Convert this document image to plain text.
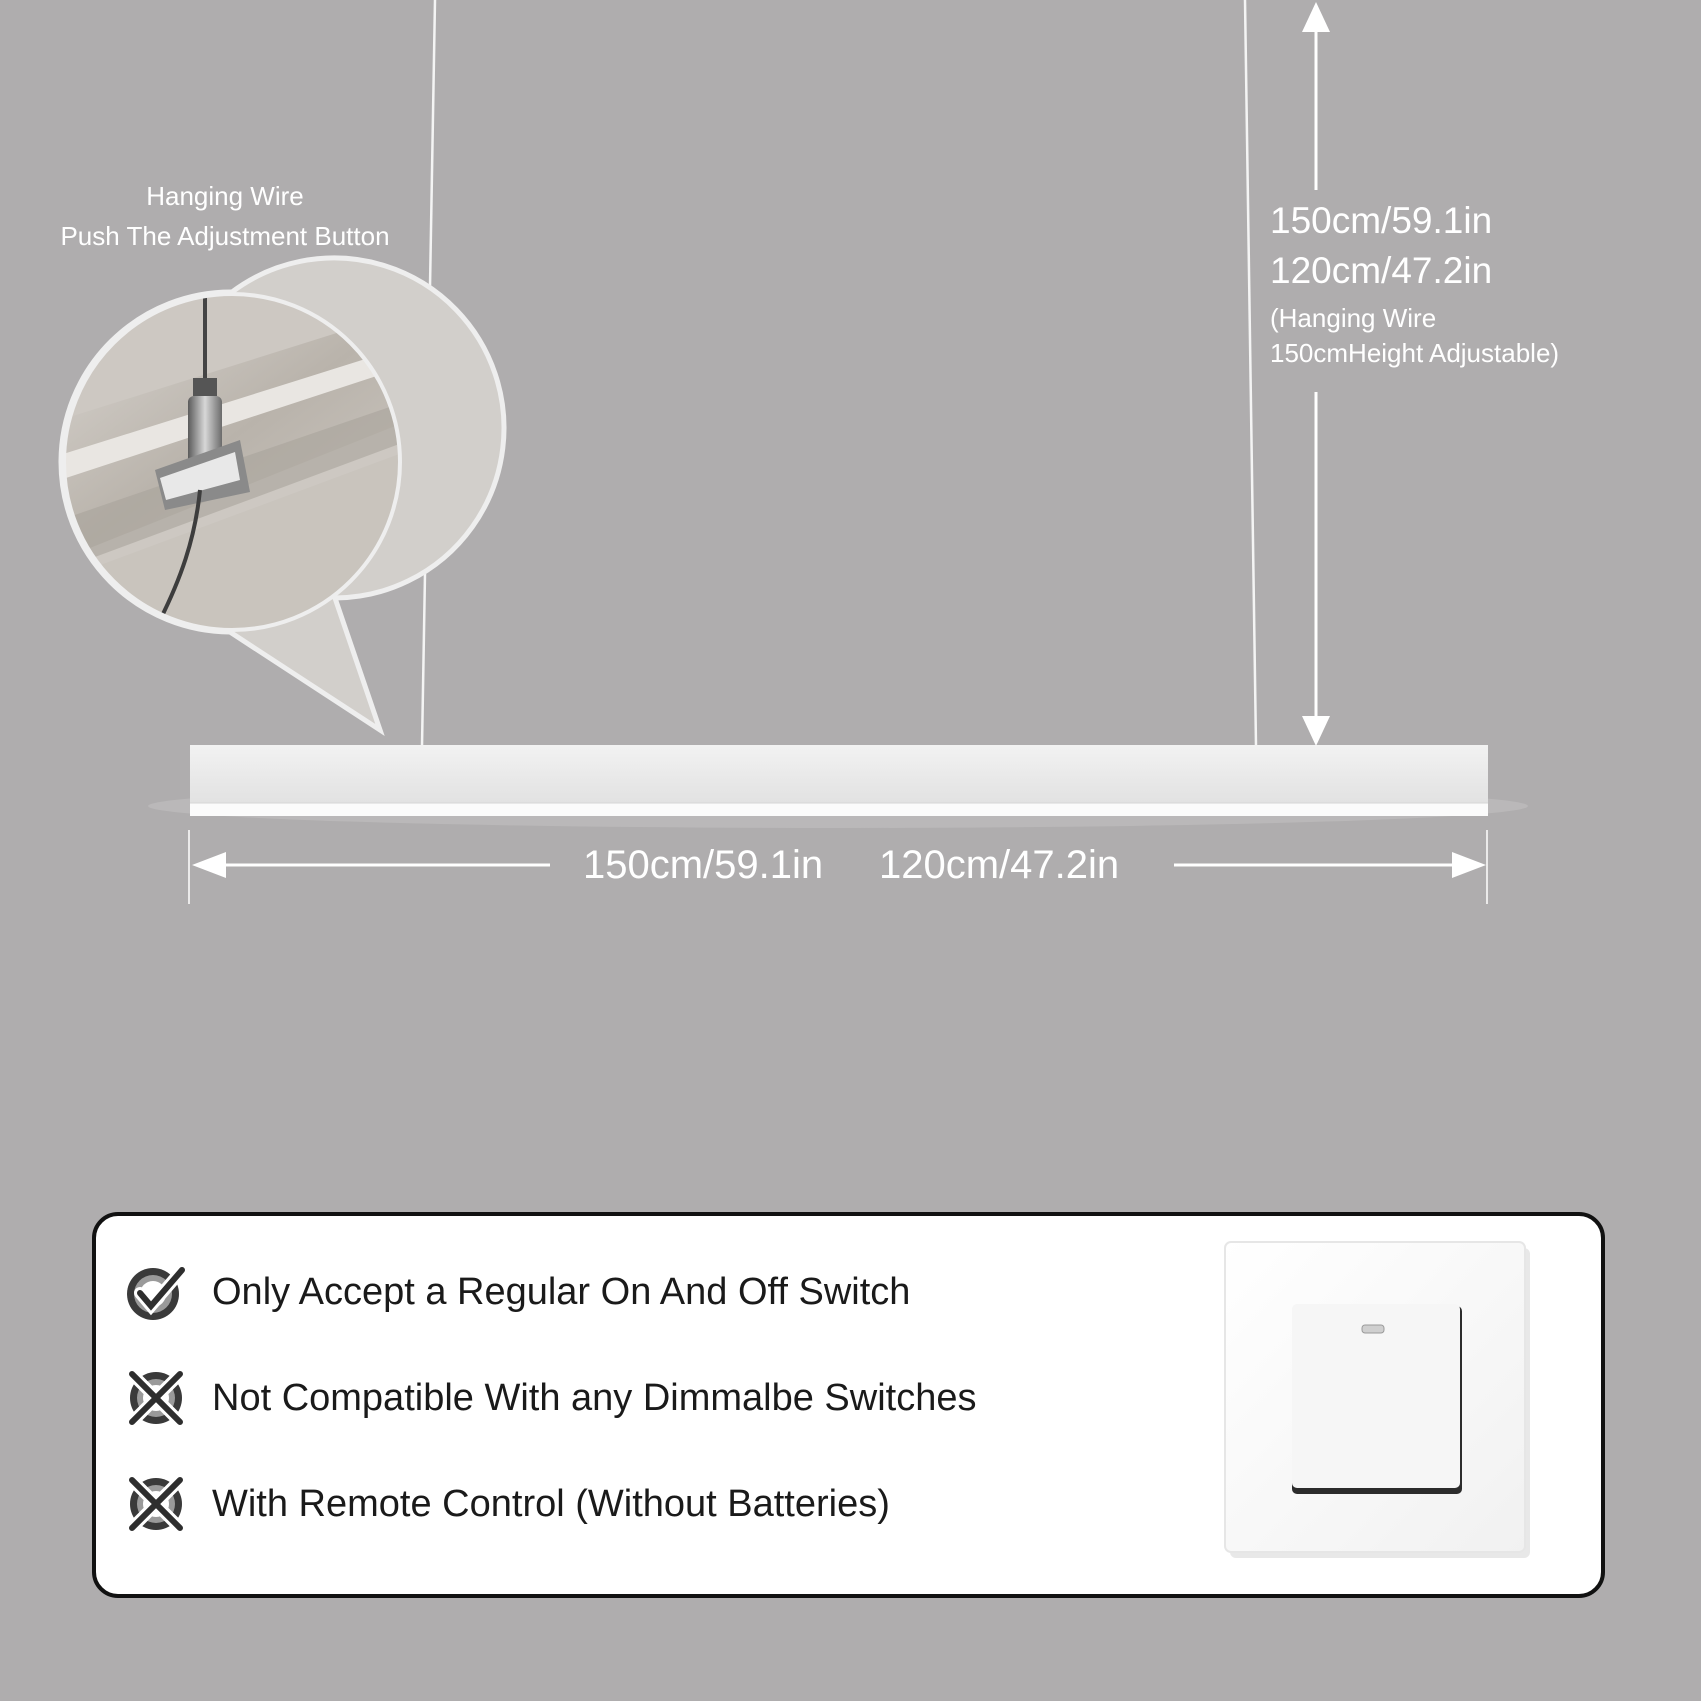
Hanging Wire
Push The Adjustment Button	150cm/59.1in
120cm/47.2in
(Hanging Wire
150cmHeight Adjustable)
150cm/59.1in 120cm/47.2in
Only Accept a Regular On And Off Switch
Not Compatible With any Dimmalbe Switches
With Remote Control (Without Batteries)
